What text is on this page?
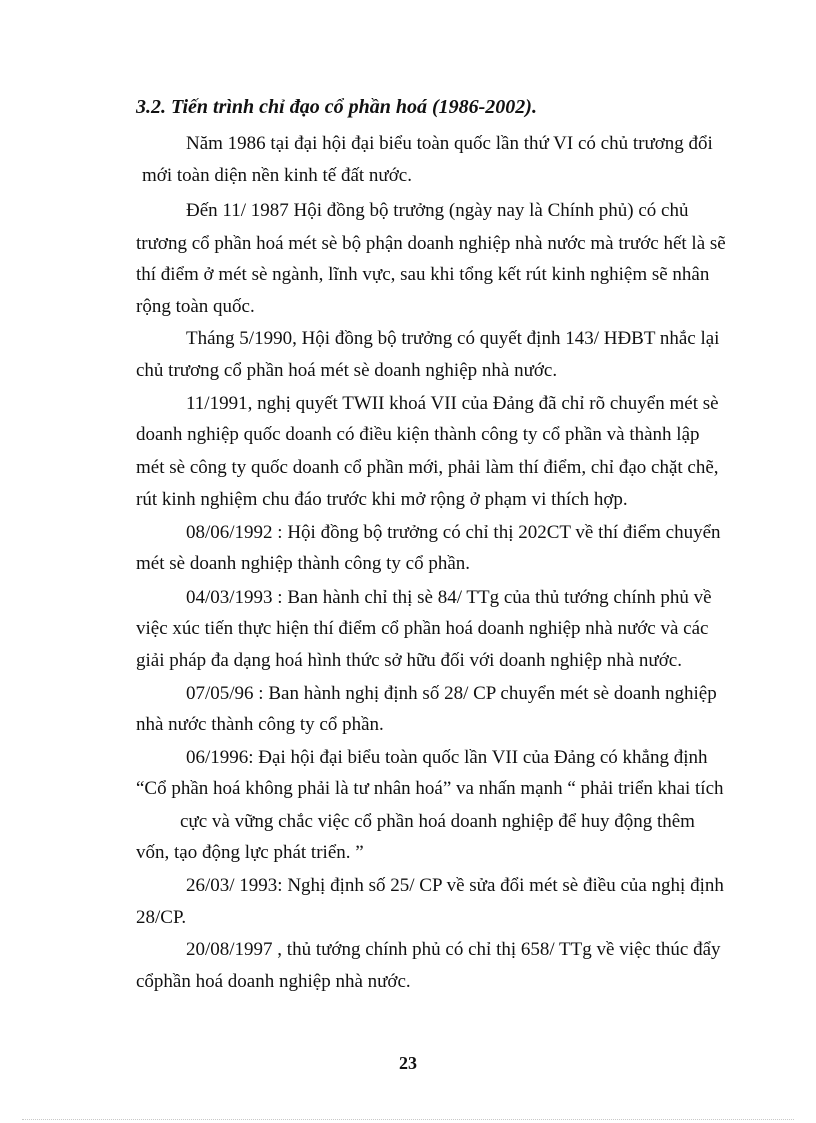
3.2. Tiến trình chỉ đạo cổ phần hoá (1986-2002).
Năm 1986 tại đại hội đại biểu toàn quốc lần thứ VI có chủ trương đổi
mới toàn diện nền kinh tế đất nước.
Đến 11/ 1987 Hội đồng bộ trưởng (ngày nay là Chính phủ) có chủ
trương cổ phần hoá mét sè bộ phận doanh nghiệp nhà nước mà trước hết là sẽ
thí điểm ở mét sè ngành, lĩnh vực, sau khi tổng kết rút kinh nghiệm sẽ nhân
rộng toàn quốc.
Tháng 5/1990, Hội đồng bộ trưởng có quyết định 143/ HĐBT nhắc lại
chủ trương cổ phần hoá mét sè doanh nghiệp nhà nước.
11/1991, nghị quyết TWII khoá VII của Đảng đã chỉ rõ chuyển mét sè
doanh nghiệp quốc doanh có điều kiện thành công ty cổ phần và thành lập
mét sè công ty quốc doanh cổ phần mới, phải làm thí điểm, chỉ đạo chặt chẽ,
rút kinh nghiệm chu đáo trước khi mở rộng ở phạm vi thích hợp.
08/06/1992 : Hội đồng bộ trưởng có chỉ thị 202CT về thí điểm chuyển
mét sè doanh nghiệp thành công ty cổ phần.
04/03/1993 : Ban hành chỉ thị sè 84/ TTg của thủ tướng chính phủ về
việc xúc tiến thực hiện thí điểm cổ phần hoá doanh nghiệp nhà nước và các
giải pháp đa dạng hoá hình thức sở hữu đối với doanh nghiệp nhà nước.
07/05/96 : Ban hành nghị định số 28/ CP chuyển mét sè doanh nghiệp
nhà nước thành công ty cổ phần.
06/1996: Đại hội đại biểu toàn quốc lần VII của Đảng có khẳng định
“Cổ phần hoá không phải là tư nhân hoá” va nhấn mạnh “ phải triển khai tích
cực và vững chắc việc cổ phần hoá doanh nghiệp để huy động thêm
vốn, tạo động lực phát triển. ”
26/03/ 1993: Nghị định số 25/ CP về sửa đổi mét sè điều của nghị định
28/CP.
20/08/1997 , thủ tướng chính phủ có chỉ thị 658/ TTg về việc thúc đẩy
cổphần hoá doanh nghiệp nhà nước.
23
